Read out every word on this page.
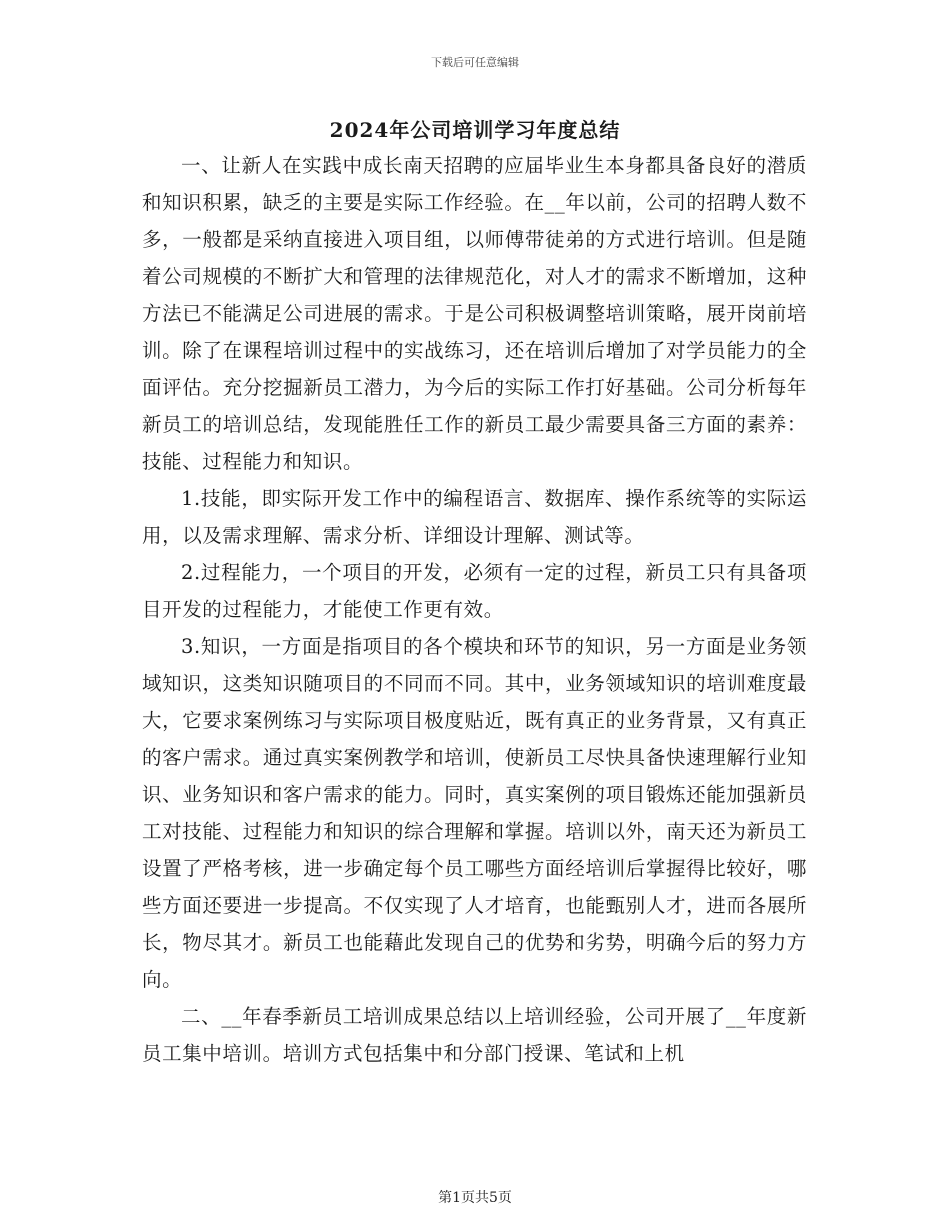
下载后可任意编辑
2024年公司培训学习年度总结

一、让新人在实践中成长南天招聘的应届毕业生本身都具备良好的潜质和知识积累，缺乏的主要是实际工作经验。在__年以前，公司的招聘人数不多，一般都是采纳直接进入项目组，以师傅带徒弟的方式进行培训。但是随着公司规模的不断扩大和管理的法律规范化，对人才的需求不断增加，这种方法已不能满足公司进展的需求。于是公司积极调整培训策略，展开岗前培训。除了在课程培训过程中的实战练习，还在培训后增加了对学员能力的全面评估。充分挖掘新员工潜力，为今后的实际工作打好基础。公司分析每年新员工的培训总结，发现能胜任工作的新员工最少需要具备三方面的素养：技能、过程能力和知识。

1.技能，即实际开发工作中的编程语言、数据库、操作系统等的实际运用，以及需求理解、需求分析、详细设计理解、测试等。

2.过程能力，一个项目的开发，必须有一定的过程，新员工只有具备项目开发的过程能力，才能使工作更有效。

3.知识，一方面是指项目的各个模块和环节的知识，另一方面是业务领域知识，这类知识随项目的不同而不同。其中，业务领域知识的培训难度最大，它要求案例练习与实际项目极度贴近，既有真正的业务背景，又有真正的客户需求。通过真实案例教学和培训，使新员工尽快具备快速理解行业知识、业务知识和客户需求的能力。同时，真实案例的项目锻炼还能加强新员工对技能、过程能力和知识的综合理解和掌握。培训以外，南天还为新员工设置了严格考核，进一步确定每个员工哪些方面经培训后掌握得比较好，哪些方面还要进一步提高。不仅实现了人才培育，也能甄别人才，进而各展所长，物尽其才。新员工也能藉此发现自己的优势和劣势，明确今后的努力方向。

二、__年春季新员工培训成果总结以上培训经验，公司开展了__年度新员工集中培训。培训方式包括集中和分部门授课、笔试和上机

第1页共5页
